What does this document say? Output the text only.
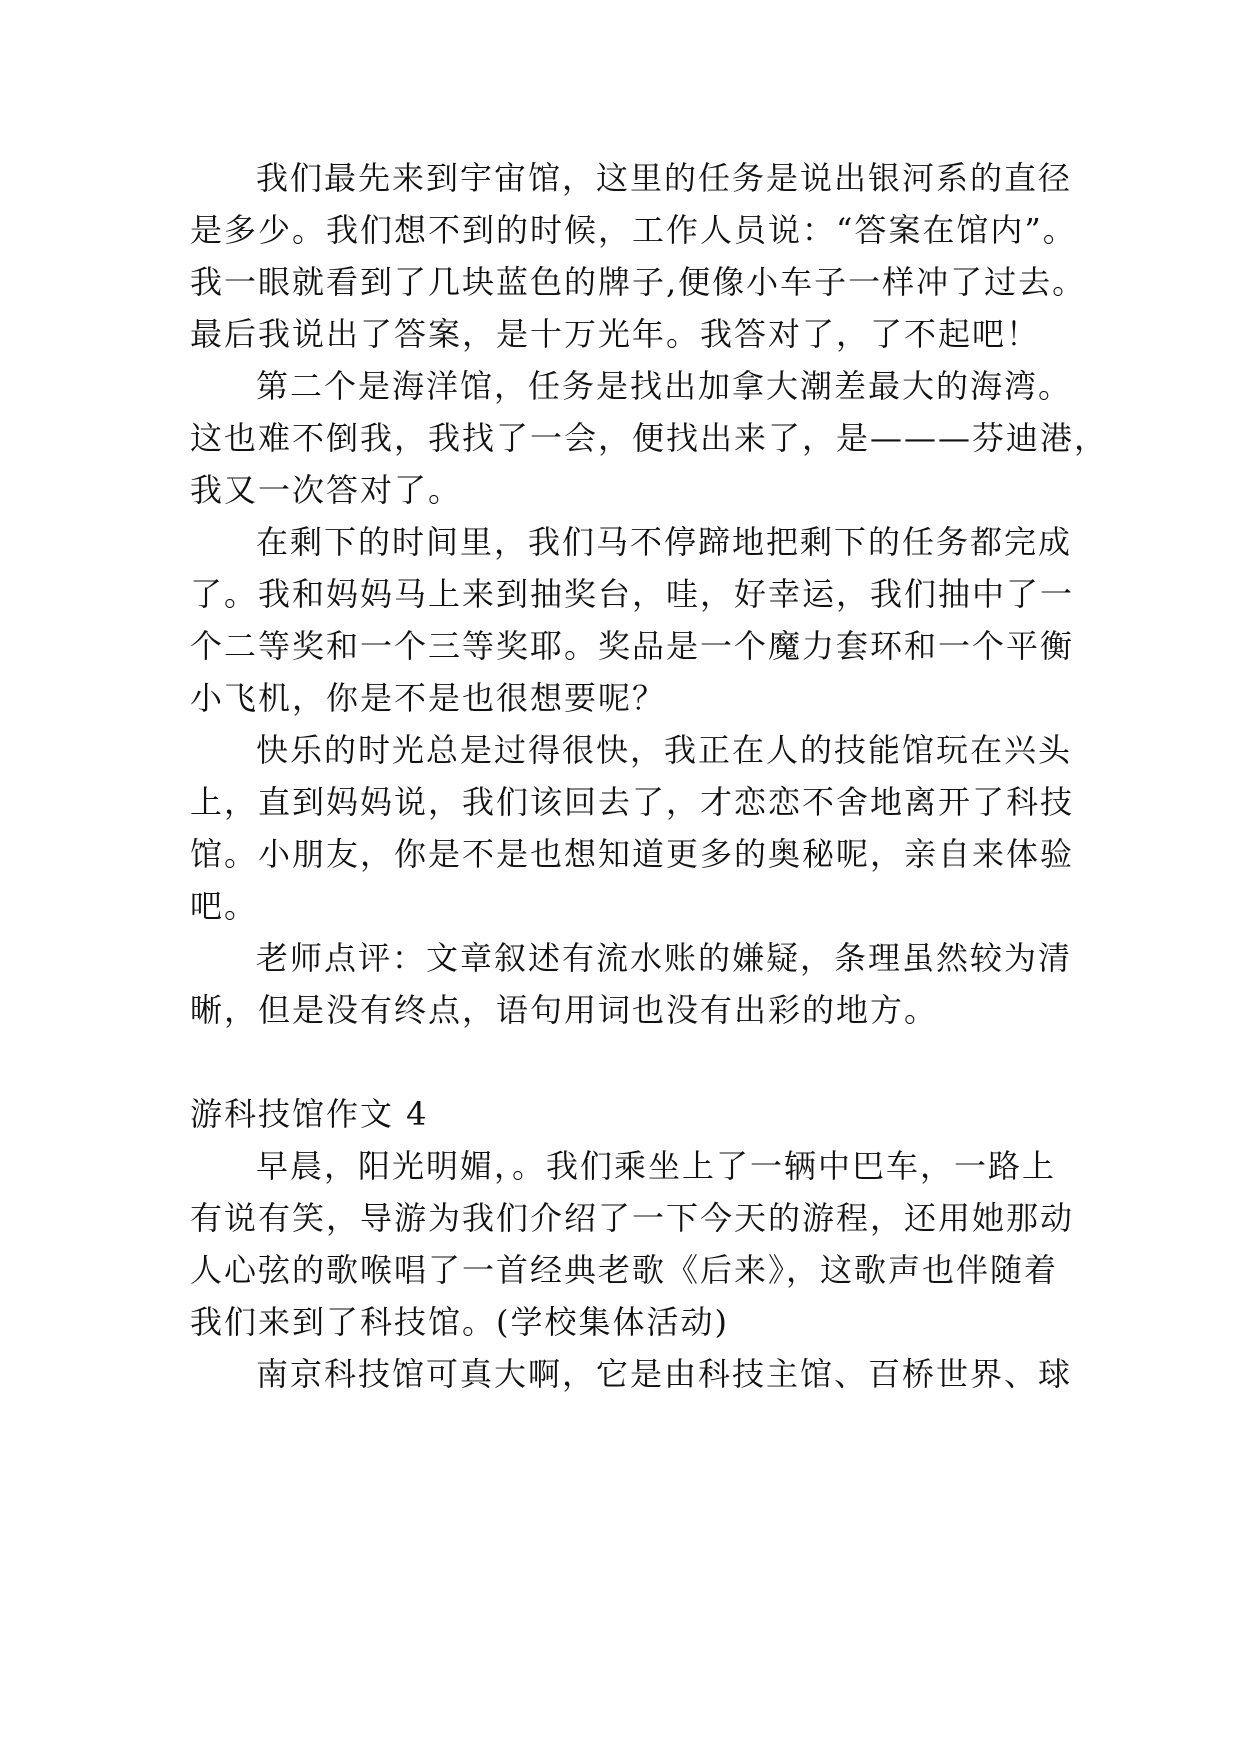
我们最先来到宇宙馆，这里的任务是说出银河系的直径
是多少。我们想不到的时候，工作人员说：“答案在馆内”。
我一眼就看到了几块蓝色的牌子,便像小车子一样冲了过去。
最后我说出了答案，是十万光年。我答对了，了不起吧！
第二个是海洋馆，任务是找出加拿大潮差最大的海湾。
这也难不倒我，我找了一会，便找出来了，是———芬迪港，
我又一次答对了。
在剩下的时间里，我们马不停蹄地把剩下的任务都完成
了。我和妈妈马上来到抽奖台，哇，好幸运，我们抽中了一
个二等奖和一个三等奖耶。奖品是一个魔力套环和一个平衡
小飞机，你是不是也很想要呢？
快乐的时光总是过得很快，我正在人的技能馆玩在兴头
上，直到妈妈说，我们该回去了，才恋恋不舍地离开了科技
馆。小朋友，你是不是也想知道更多的奥秘呢，亲自来体验
吧。
老师点评：文章叙述有流水账的嫌疑，条理虽然较为清
晰，但是没有终点，语句用词也没有出彩的地方。
游科技馆作文 4
早晨，阳光明媚，。我们乘坐上了一辆中巴车，一路上
有说有笑，导游为我们介绍了一下今天的游程，还用她那动
人心弦的歌喉唱了一首经典老歌《后来》，这歌声也伴随着
我们来到了科技馆。(学校集体活动)
南京科技馆可真大啊，它是由科技主馆、百桥世界、球
